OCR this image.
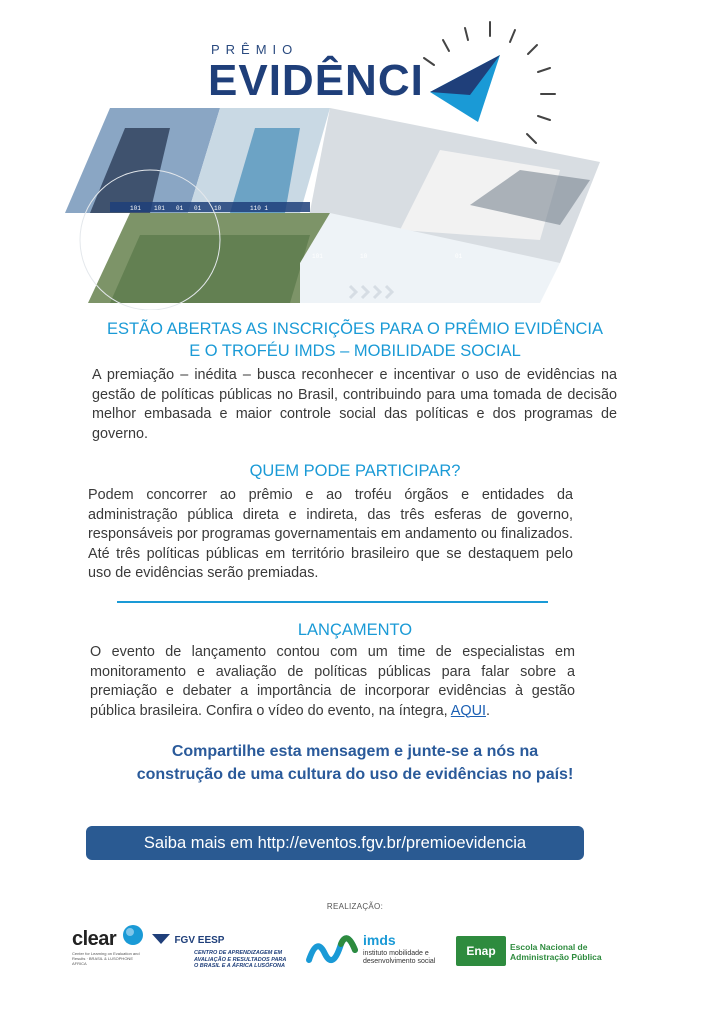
101 101 01 01 10	110 1
101	10	01
PRÊMIO
EVIDÊNCI
ESTÃO ABERTAS AS INSCRIÇÕES PARA O PRÊMIO EVIDÊNCIA
E O TROFÉU IMDS – MOBILIDADE SOCIAL

A premiação – inédita – busca reconhecer e incentivar o uso de evidências na gestão de políticas públicas no Brasil, contribuindo para uma tomada de decisão melhor embasada e maior controle social das políticas e dos programas de governo.

QUEM PODE PARTICIPAR?

Podem concorrer ao prêmio e ao troféu órgãos e entidades da administração pública direta e indireta, das três esferas de governo, responsáveis por programas governamentais em andamento ou finalizados. Até três políticas públicas em território brasileiro que se destaquem pelo uso de evidências serão premiadas.

LANÇAMENTO

O evento de lançamento contou com um time de especialistas em monitoramento e avaliação de políticas públicas para falar sobre a premiação e debater a importância de incorporar evidências à gestão pública brasileira. Confira o vídeo do evento, na íntegra, AQUI.

Compartilhe esta mensagem e junte-se a nós na
construção de uma cultura do uso de evidências no país!
Saiba mais em http://eventos.fgv.br/premioevidencia
REALIZAÇÃO:
clear
Center for Learning on Evaluation and Results · BRASIL & LUSOPHONE AFRICA
FGV EESP
CENTRO DE APRENDIZAGEM EM
AVALIAÇÃO E RESULTADOS PARA
O BRASIL E A ÁFRICA LUSÓFONA
imds
instituto mobilidade e
desenvolvimento social
Enap	Escola Nacional de
Administração Pública
